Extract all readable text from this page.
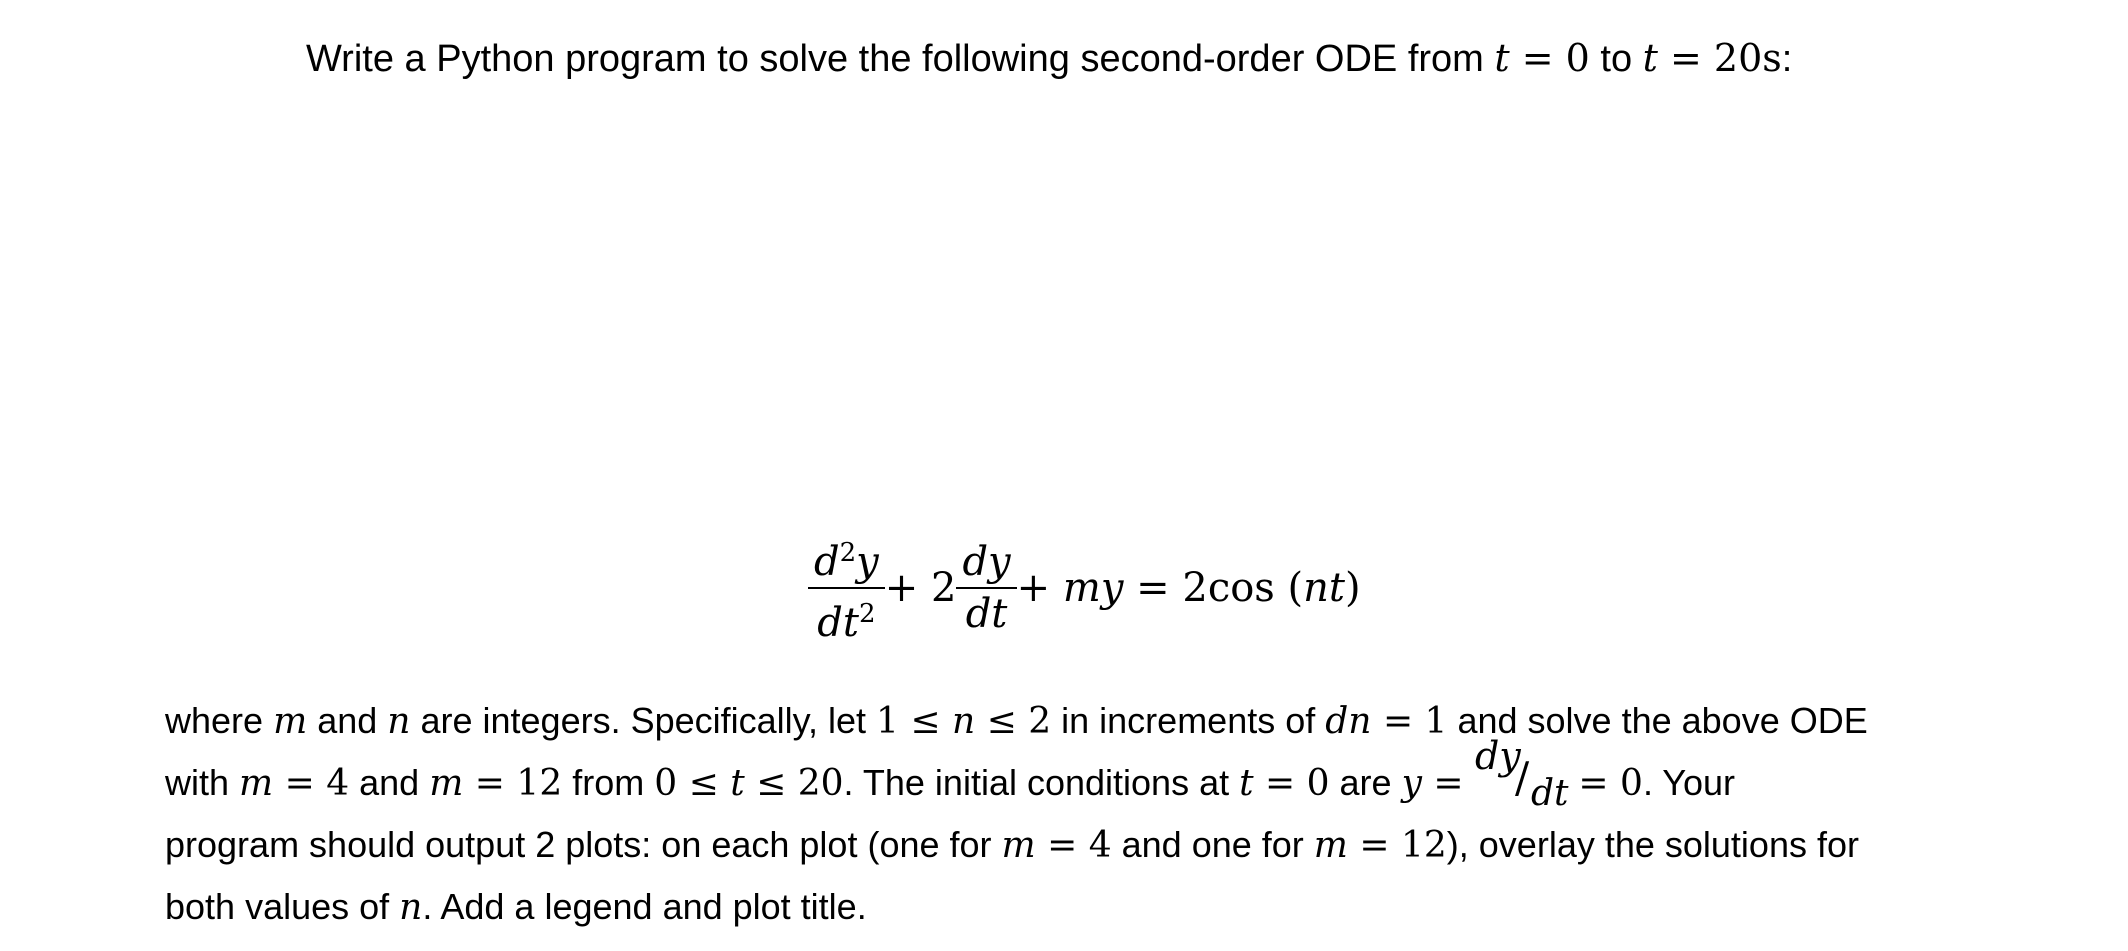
Write a Python program to solve the following second-order ODE from t = 0 to t = 20s:
$\frac{d^2y}{dt^2} + 2 \frac{dy}{dt}$ + my = 2cos (nt)
where m and n are integers. Specifically, let 1 ≤ n ≤ 2 in increments of dn = 1 and solve the above ODE
with m = 4 and m = 12 from 0 ≤ t ≤ 20. The initial conditions at t = 0 are y =
dy
/ dt
= 0. Your
program should output 2 plots: on each plot (one for m = 4 and one for m = 12), overlay the solutions for
both values of n. Add a legend and plot title.
